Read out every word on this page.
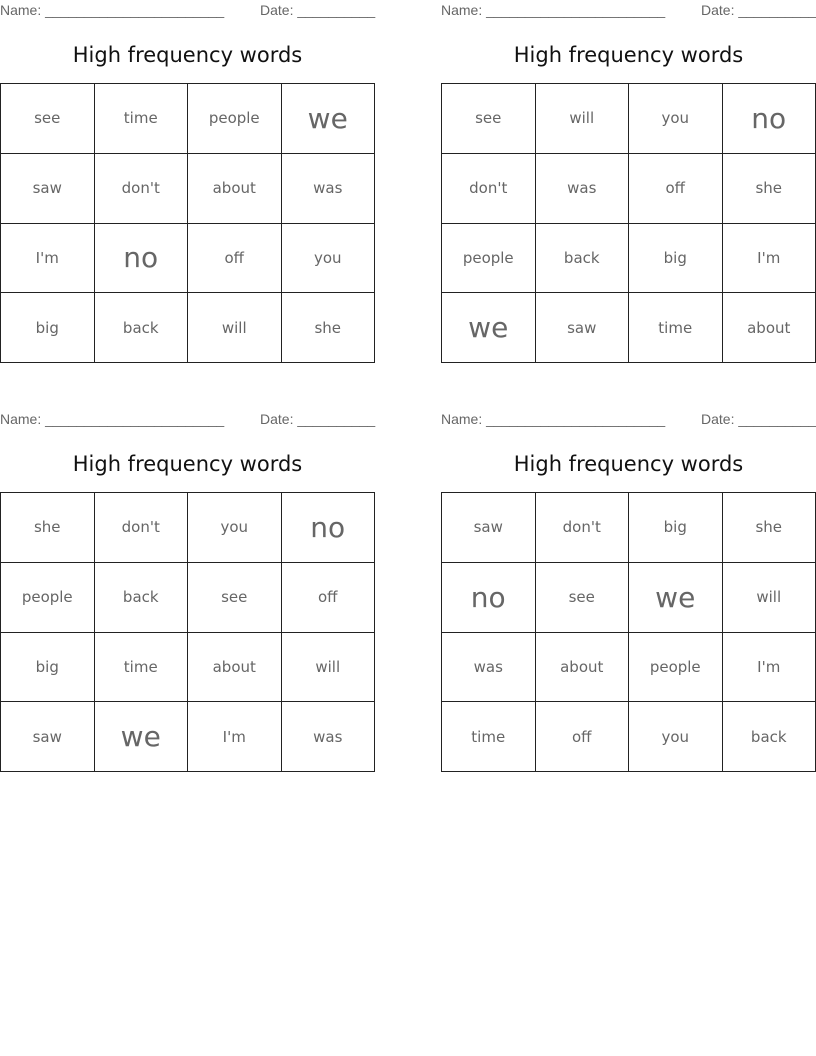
Name: _______________________	Date: __________
High frequency words
see	time	people	we
saw	don't	about	was
I'm	no	off	you
big	back	will	she
Name: _______________________	Date: __________
High frequency words
see	will	you	no
don't	was	off	she
people	back	big	I'm
we	saw	time	about
Name: _______________________	Date: __________
High frequency words
she	don't	you	no
people	back	see	off
big	time	about	will
saw	we	I'm	was
Name: _______________________	Date: __________
High frequency words
saw	don't	big	she
no	see	we	will
was	about	people	I'm
time	off	you	back
